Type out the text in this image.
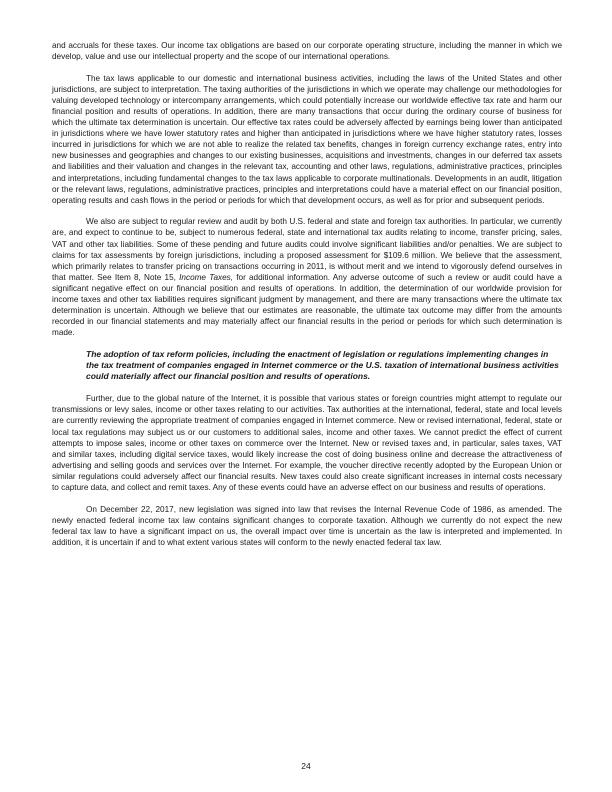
and accruals for these taxes. Our income tax obligations are based on our corporate operating structure, including the manner in which we develop, value and use our intellectual property and the scope of our international operations.

The tax laws applicable to our domestic and international business activities, including the laws of the United States and other jurisdictions, are subject to interpretation. The taxing authorities of the jurisdictions in which we operate may challenge our methodologies for valuing developed technology or intercompany arrangements, which could potentially increase our worldwide effective tax rate and harm our financial position and results of operations. In addition, there are many transactions that occur during the ordinary course of business for which the ultimate tax determination is uncertain. Our effective tax rates could be adversely affected by earnings being lower than anticipated in jurisdictions where we have lower statutory rates and higher than anticipated in jurisdictions where we have higher statutory rates, losses incurred in jurisdictions for which we are not able to realize the related tax benefits, changes in foreign currency exchange rates, entry into new businesses and geographies and changes to our existing businesses, acquisitions and investments, changes in our deferred tax assets and liabilities and their valuation and changes in the relevant tax, accounting and other laws, regulations, administrative practices, principles and interpretations, including fundamental changes to the tax laws applicable to corporate multinationals. Developments in an audit, litigation or the relevant laws, regulations, administrative practices, principles and interpretations could have a material effect on our financial position, operating results and cash flows in the period or periods for which that development occurs, as well as for prior and subsequent periods.

We also are subject to regular review and audit by both U.S. federal and state and foreign tax authorities. In particular, we currently are, and expect to continue to be, subject to numerous federal, state and international tax audits relating to income, transfer pricing, sales, VAT and other tax liabilities. Some of these pending and future audits could involve significant liabilities and/or penalties. We are subject to claims for tax assessments by foreign jurisdictions, including a proposed assessment for $109.6 million. We believe that the assessment, which primarily relates to transfer pricing on transactions occurring in 2011, is without merit and we intend to vigorously defend ourselves in that matter. See Item 8, Note 15, Income Taxes, for additional information. Any adverse outcome of such a review or audit could have a significant negative effect on our financial position and results of operations. In addition, the determination of our worldwide provision for income taxes and other tax liabilities requires significant judgment by management, and there are many transactions where the ultimate tax determination is uncertain. Although we believe that our estimates are reasonable, the ultimate tax outcome may differ from the amounts recorded in our financial statements and may materially affect our financial results in the period or periods for which such determination is made.

The adoption of tax reform policies, including the enactment of legislation or regulations implementing changes in the tax treatment of companies engaged in Internet commerce or the U.S. taxation of international business activities could materially affect our financial position and results of operations.

Further, due to the global nature of the Internet, it is possible that various states or foreign countries might attempt to regulate our transmissions or levy sales, income or other taxes relating to our activities. Tax authorities at the international, federal, state and local levels are currently reviewing the appropriate treatment of companies engaged in Internet commerce. New or revised international, federal, state or local tax regulations may subject us or our customers to additional sales, income and other taxes. We cannot predict the effect of current attempts to impose sales, income or other taxes on commerce over the Internet. New or revised taxes and, in particular, sales taxes, VAT and similar taxes, including digital service taxes, would likely increase the cost of doing business online and decrease the attractiveness of advertising and selling goods and services over the Internet. For example, the voucher directive recently adopted by the European Union or similar regulations could adversely affect our financial results. New taxes could also create significant increases in internal costs necessary to capture data, and collect and remit taxes. Any of these events could have an adverse effect on our business and results of operations.

On December 22, 2017, new legislation was signed into law that revises the Internal Revenue Code of 1986, as amended. The newly enacted federal income tax law contains significant changes to corporate taxation. Although we currently do not expect the new federal tax law to have a significant impact on us, the overall impact over time is uncertain as the law is interpreted and implemented. In addition, it is uncertain if and to what extent various states will conform to the newly enacted federal tax law.

24
